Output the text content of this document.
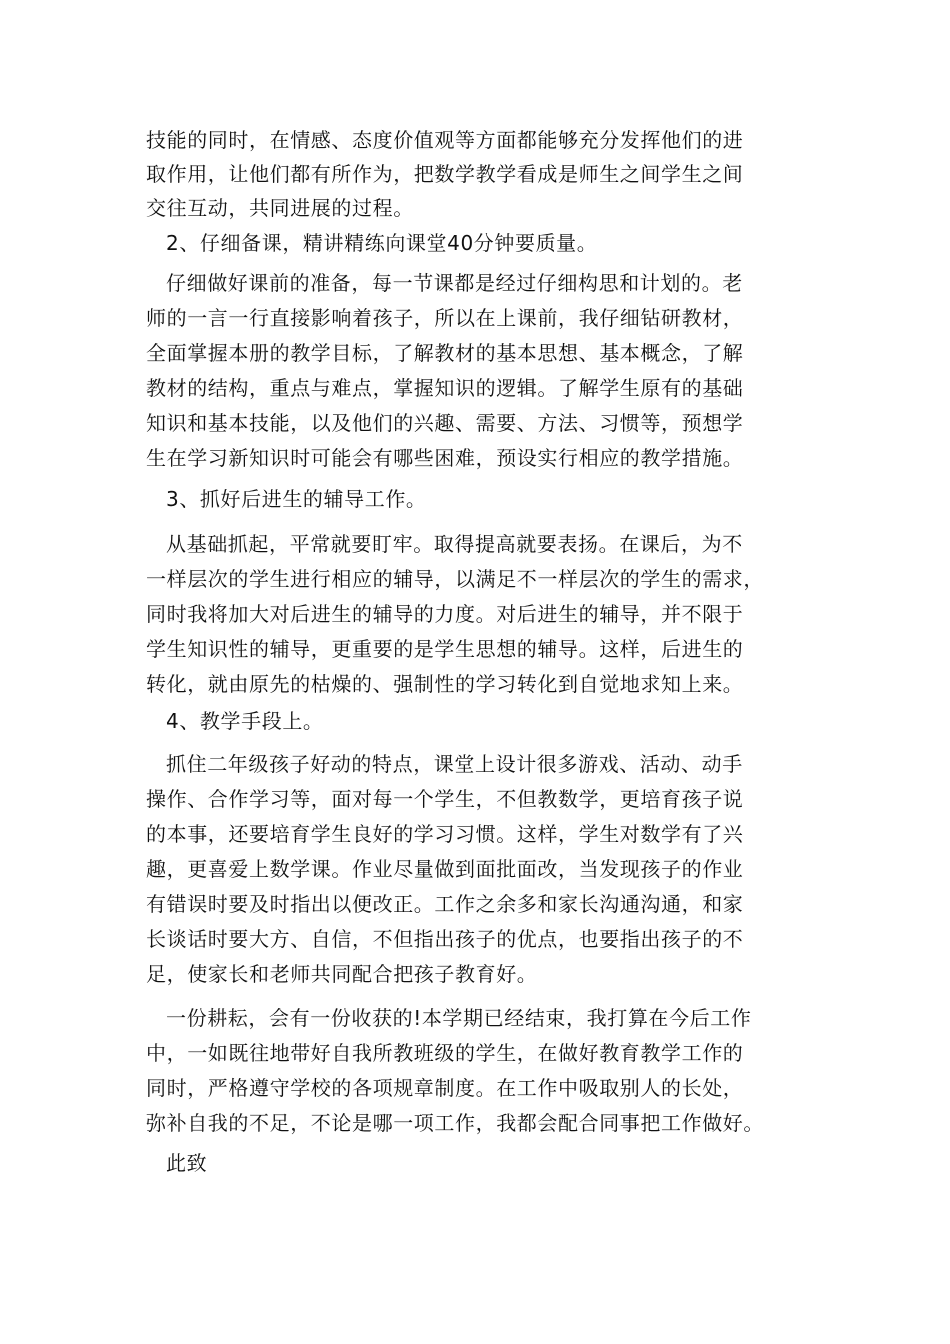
技能的同时，在情感、态度价值观等方面都能够充分发挥他们的进
取作用，让他们都有所作为，把数学教学看成是师生之间学生之间
交往互动，共同进展的过程。
2、仔细备课，精讲精练向课堂40分钟要质量。
仔细做好课前的准备，每一节课都是经过仔细构思和计划的。老
师的一言一行直接影响着孩子，所以在上课前，我仔细钻研教材，
全面掌握本册的教学目标，了解教材的基本思想、基本概念，了解
教材的结构，重点与难点，掌握知识的逻辑。了解学生原有的基础
知识和基本技能，以及他们的兴趣、需要、方法、习惯等，预想学
生在学习新知识时可能会有哪些困难，预设实行相应的教学措施。
3、抓好后进生的辅导工作。
从基础抓起，平常就要盯牢。取得提高就要表扬。在课后，为不
一样层次的学生进行相应的辅导，以满足不一样层次的学生的需求，
同时我将加大对后进生的辅导的力度。对后进生的辅导，并不限于
学生知识性的辅导，更重要的是学生思想的辅导。这样，后进生的
转化，就由原先的枯燥的、强制性的学习转化到自觉地求知上来。
4、教学手段上。
抓住二年级孩子好动的特点，课堂上设计很多游戏、活动、动手
操作、合作学习等，面对每一个学生，不但教数学，更培育孩子说
的本事，还要培育学生良好的学习习惯。这样，学生对数学有了兴
趣，更喜爱上数学课。作业尽量做到面批面改，当发现孩子的作业
有错误时要及时指出以便改正。工作之余多和家长沟通沟通，和家
长谈话时要大方、自信，不但指出孩子的优点，也要指出孩子的不
足，使家长和老师共同配合把孩子教育好。
一份耕耘，会有一份收获的!本学期已经结束，我打算在今后工作
中，一如既往地带好自我所教班级的学生，在做好教育教学工作的
同时，严格遵守学校的各项规章制度。在工作中吸取别人的长处，
弥补自我的不足，不论是哪一项工作，我都会配合同事把工作做好。
此致
